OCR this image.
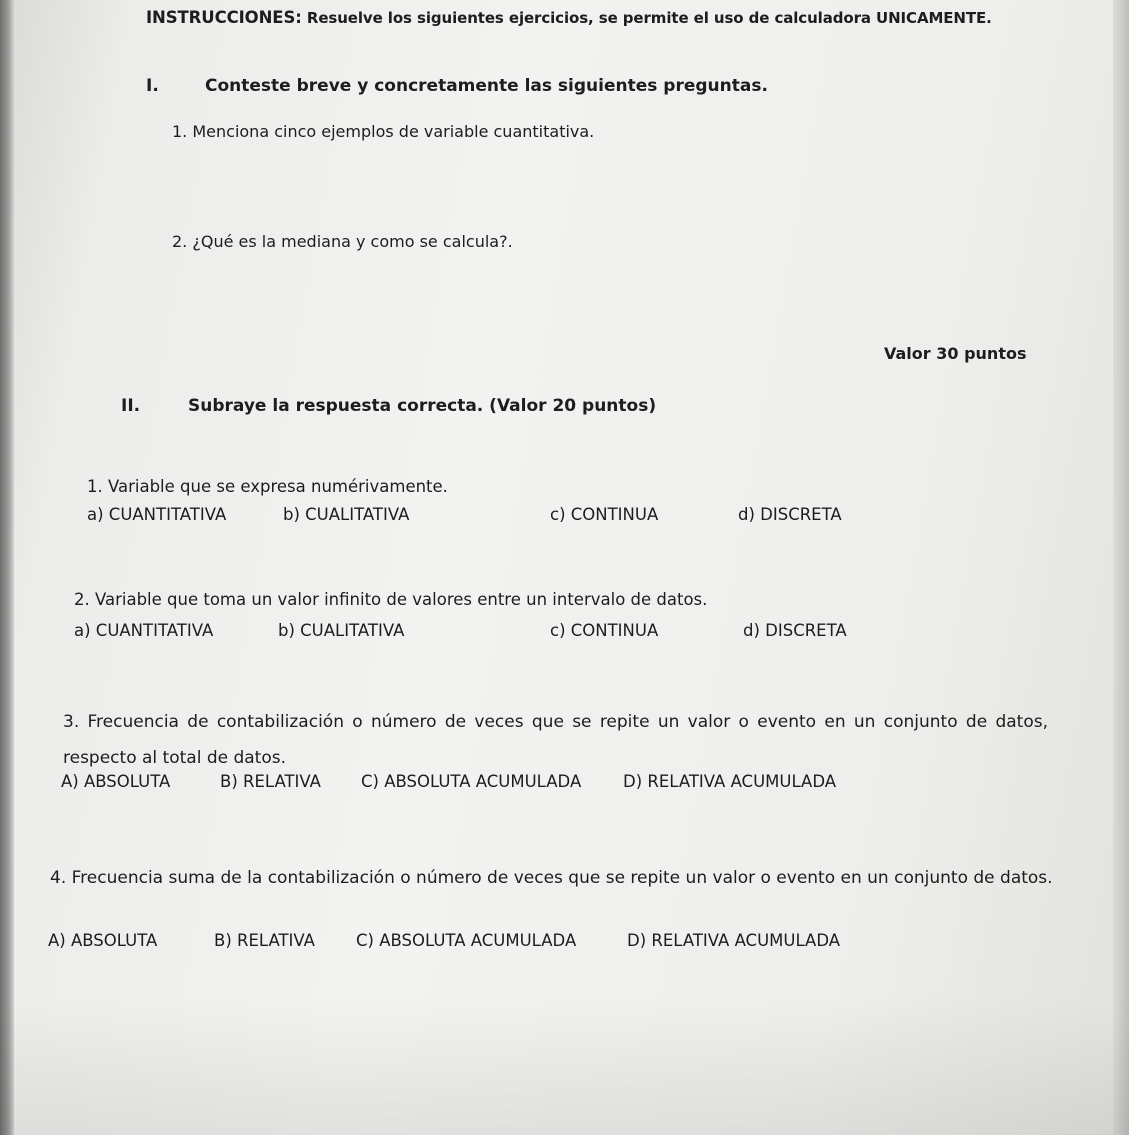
INSTRUCCIONES: Resuelve los siguientes ejercicios, se permite el uso de calculadora UNICAMENTE.

I.	Conteste breve y concretamente las siguientes preguntas.

1. Menciona cinco ejemplos de variable cuantitativa.

2. ¿Qué es la mediana y como se calcula?.

Valor 30 puntos

II.	Subraye la respuesta correcta. (Valor 20 puntos)

1. Variable que se expresa numérivamente.

a) CUANTITATIVA	b) CUALITATIVA	c) CONTINUA	d) DISCRETA

2. Variable que toma un valor infinito de valores entre un intervalo de datos.

a) CUANTITATIVA	b) CUALITATIVA	c) CONTINUA	d) DISCRETA

3. Frecuencia de contabilización o número de veces que se repite un valor o evento en un conjunto de datos, respecto al total de datos.

A) ABSOLUTA	B) RELATIVA C) ABSOLUTA ACUMULADA	D) RELATIVA ACUMULADA

4. Frecuencia suma de la contabilización o número de veces que se repite un valor o evento en un conjunto de datos.

A) ABSOLUTA	B) RELATIVA C) ABSOLUTA ACUMULADA	D) RELATIVA ACUMULADA
